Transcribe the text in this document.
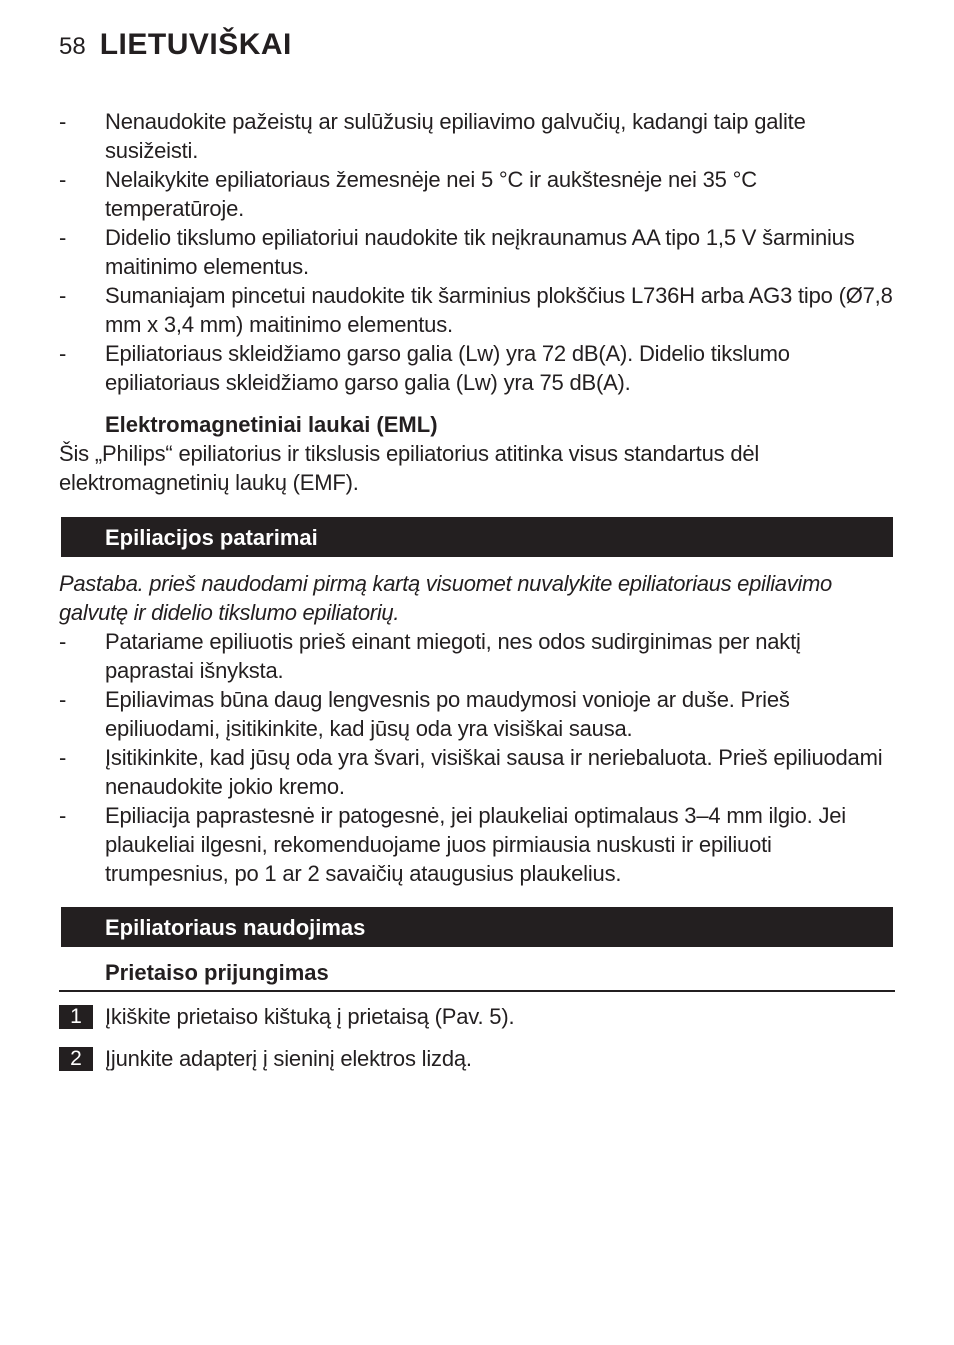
58 LIETUVIŠKAI
-	Nenaudokite pažeistų ar sulūžusių epiliavimo galvučių, kadangi taip galite susižeisti.
-	Nelaikykite epiliatoriaus žemesnėje nei 5 °C ir aukštesnėje nei 35 °C temperatūroje.
-	Didelio tikslumo epiliatoriui naudokite tik neįkraunamus AA tipo 1,5 V šarminius maitinimo elementus.
-	Sumaniajam pincetui naudokite tik šarminius plokščius L736H arba AG3 tipo (Ø7,8 mm x 3,4 mm) maitinimo elementus.
-	Epiliatoriaus skleidžiamo garso galia (Lw) yra 72 dB(A). Didelio tikslumo epiliatoriaus skleidžiamo garso galia (Lw) yra 75 dB(A).
Elektromagnetiniai laukai (EML)
Šis „Philips“ epiliatorius ir tikslusis epiliatorius atitinka visus standartus dėl elektromagnetinių laukų (EMF).
Epiliacijos patarimai
Pastaba. prieš naudodami pirmą kartą visuomet nuvalykite epiliatoriaus epiliavimo galvutę ir didelio tikslumo epiliatorių.
-	Patariame epiliuotis prieš einant miegoti, nes odos sudirginimas per naktį paprastai išnyksta.
-	Epiliavimas būna daug lengvesnis po maudymosi vonioje ar duše. Prieš epiliuodami, įsitikinkite, kad jūsų oda yra visiškai sausa.
-	Įsitikinkite, kad jūsų oda yra švari, visiškai sausa ir neriebaluota. Prieš epiliuodami nenaudokite jokio kremo.
-	Epiliacija paprastesnė ir patogesnė, jei plaukeliai optimalaus 3–4 mm ilgio. Jei plaukeliai ilgesni, rekomenduojame juos pirmiausia nuskusti ir epiliuoti trumpesnius, po 1 ar 2 savaičių ataugusius plaukelius.
Epiliatoriaus naudojimas
Prietaiso prijungimas
1	Įkiškite prietaiso kištuką į prietaisą (Pav. 5).
2	Įjunkite adapterį į sieninį elektros lizdą.
